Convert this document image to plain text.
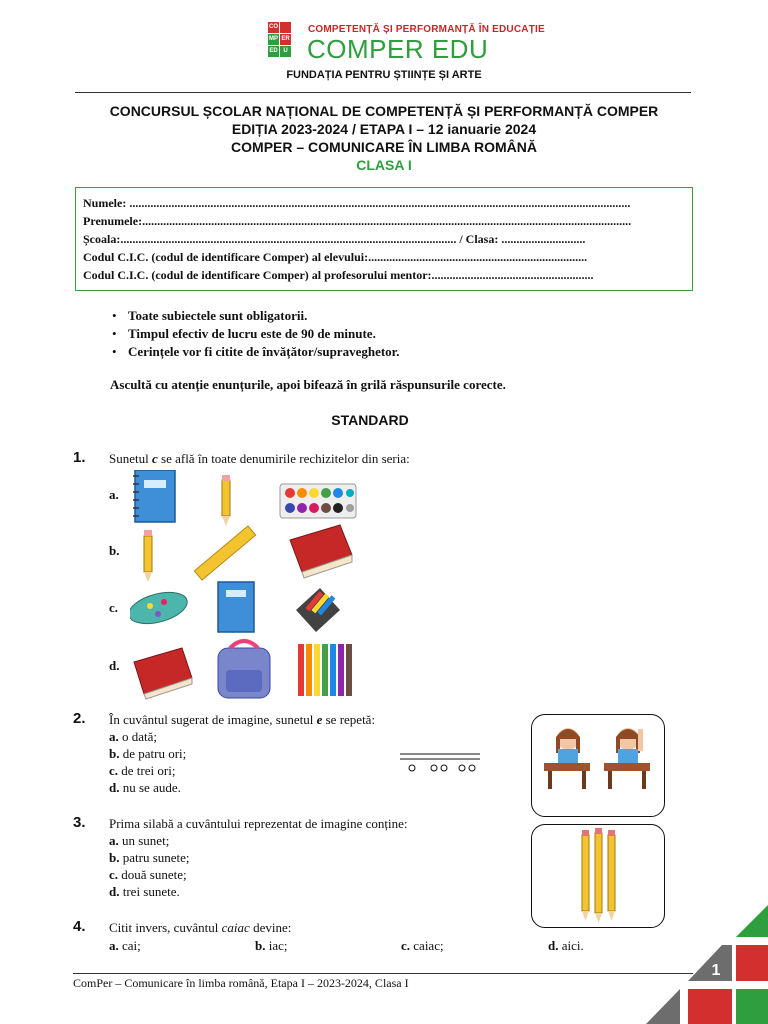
CO
MP ER
ED U
COMPETENȚĂ ȘI PERFORMANȚĂ ÎN EDUCAȚIE
COMPER EDU
FUNDAȚIA PENTRU ȘTIINȚE ȘI ARTE
CONCURSUL ȘCOLAR NAȚIONAL DE COMPETENȚĂ ȘI PERFORMANȚĂ COMPER
EDIȚIA 2023-2024 / ETAPA I – 12 ianuarie 2024
COMPER – COMUNICARE ÎN LIMBA ROMÂNĂ
CLASA I
Numele: .......................................................................................................................................................................
Prenumele:...................................................................................................................................................................
Școala:................................................................................................................ / Clasa: ............................
Codul C.I.C. (codul de identificare Comper) al elevului:.........................................................................
Codul C.I.C. (codul de identificare Comper) al profesorului mentor:......................................................
• Toate subiectele sunt obligatorii.
• Timpul efectiv de lucru este de 90 de minute.
• Cerințele vor fi citite de învățător/supraveghetor.
Ascultă cu atenție enunțurile, apoi bifează în grilă răspunsurile corecte.
STANDARD
1. Sunetul c se află în toate denumirile rechizitelor din seria:
a.
b.
c.
d.
2. În cuvântul sugerat de imagine, sunetul e se repetă:
a. o dată;
b. de patru ori;
c. de trei ori;
d. nu se aude.
3. Prima silabă a cuvântului reprezentat de imagine conține:
a. un sunet;
b. patru sunete;
c. două sunete;
d. trei sunete.
4. Citit invers, cuvântul caiac devine:
a. cai;	b. iac;	c. caiac;	d. aici.
ComPer – Comunicare în limba română, Etapa I – 2023-2024, Clasa I
1
